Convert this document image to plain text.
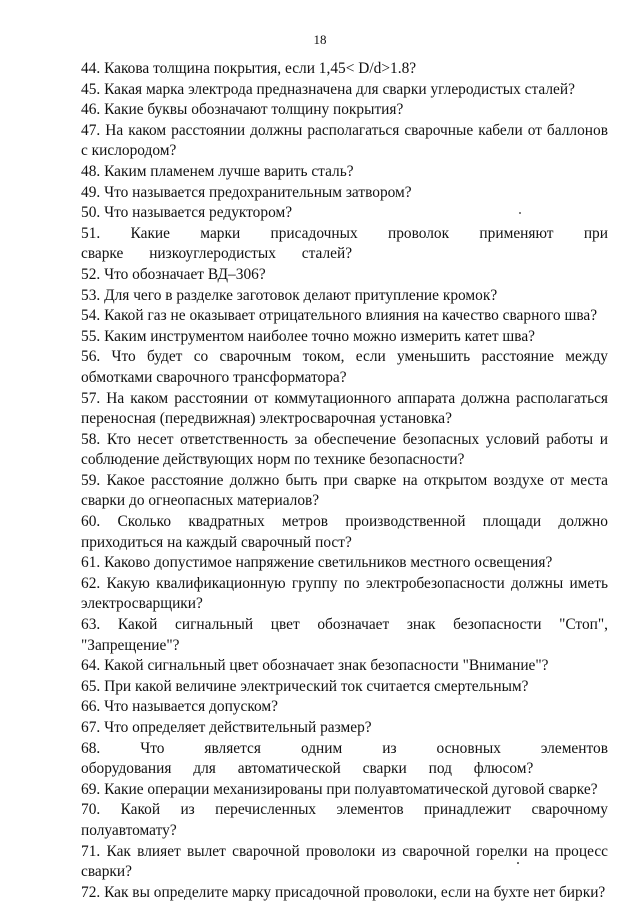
18

44. Какова толщина покрытия, если 1,45< D/d>1.8?

45. Какая марка электрода предназначена для сварки углеродистых сталей?

46. Какие буквы обозначают толщину покрытия?

47. На каком расстоянии должны располагаться сварочные кабели от баллонов с кислородом?

48. Каким пламенем лучше варить сталь?

49. Что называется предохранительным затвором?

50. Что называется редуктором?

51. Какие марки присадочных проволок применяют при сварке низкоуглеродистых сталей?

52. Что обозначает ВД–306?

53. Для чего в разделке заготовок делают притупление кромок?

54. Какой газ не оказывает отрицательного влияния на качество сварного шва?

55. Каким инструментом наиболее точно можно измерить катет шва?

56. Что будет со сварочным током, если уменьшить расстояние между обмотками сварочного трансформатора?

57. На каком расстоянии от коммутационного аппарата должна располагаться переносная (передвижная) электросварочная установка?

58. Кто несет ответственность за обеспечение безопасных условий работы и соблюдение действующих норм по технике безопасности?

59. Какое расстояние должно быть при сварке на открытом воздухе от места сварки до огнеопасных материалов?

60. Сколько квадратных метров производственной площади должно приходиться на каждый сварочный пост?

61. Каково допустимое напряжение светильников местного освещения?

62. Какую квалификационную группу по электробезопасности должны иметь электросварщики?

63. Какой сигнальный цвет обозначает знак безопасности "Стоп", "Запрещение"?

64. Какой сигнальный цвет обозначает знак безопасности "Внимание"?

65. При какой величине электрический ток считается смертельным?

66. Что называется допуском?

67. Что определяет действительный размер?

68. Что является одним из основных элементов оборудования для автоматической сварки под флюсом?

69. Какие операции механизированы при полуавтоматической дуговой сварке?

70. Какой из перечисленных элементов принадлежит сварочному полуавтомату?

71. Как влияет вылет сварочной проволоки из сварочной горелки на процесс сварки?

72. Как вы определите марку присадочной проволоки, если на бухте нет бирки?
